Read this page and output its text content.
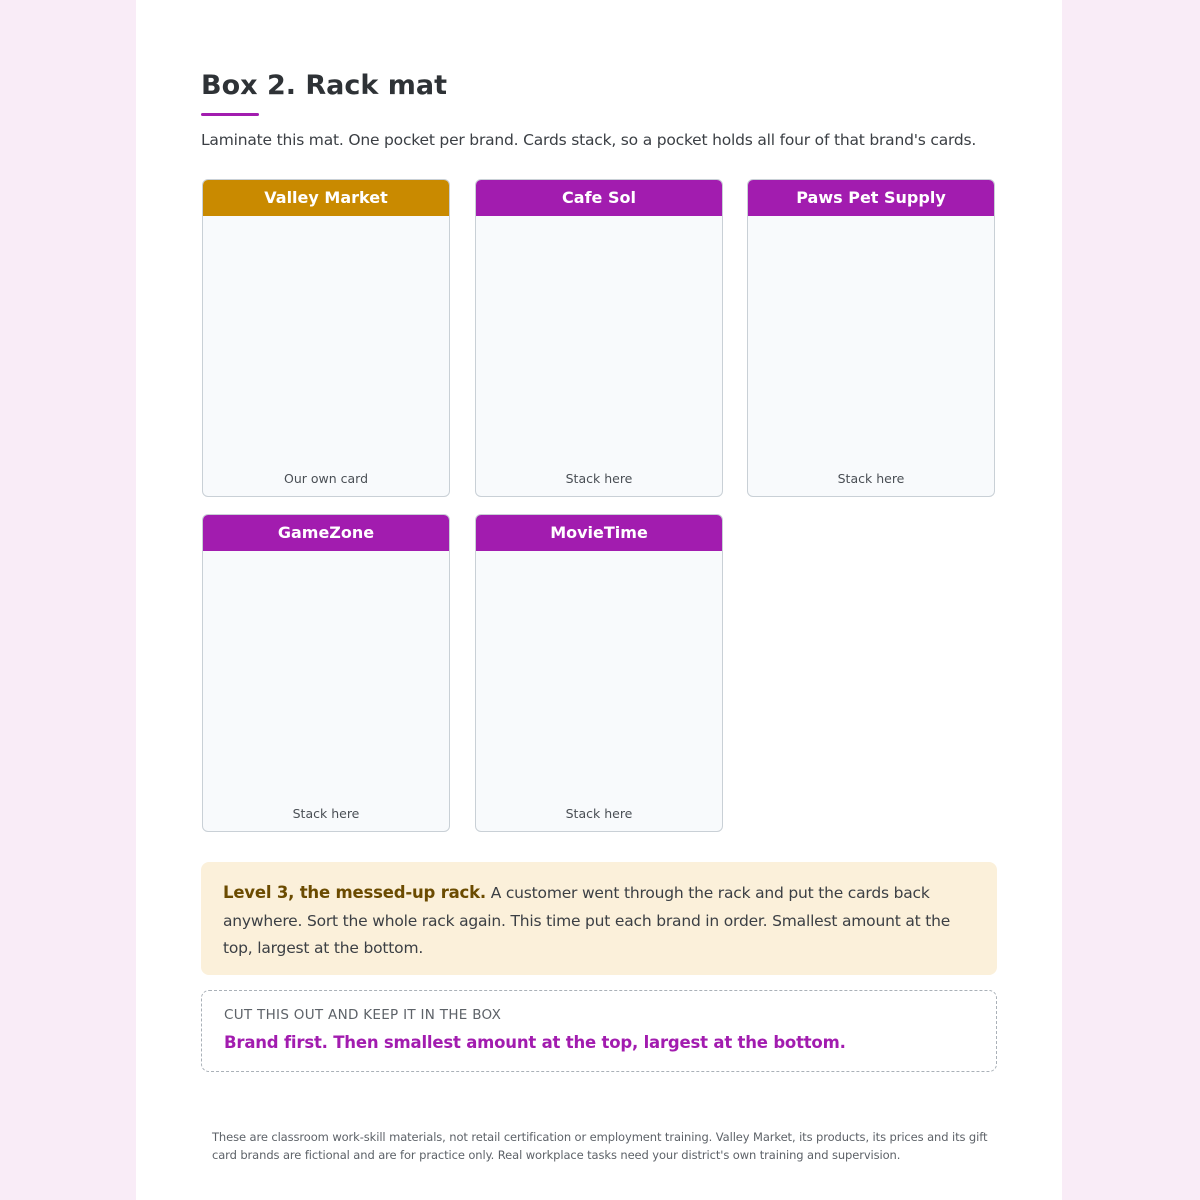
Box 2. Rack mat
Laminate this mat. One pocket per brand. Cards stack, so a pocket holds all four of that brand's cards.
Valley Market
Our own card
Cafe Sol
Stack here
Paws Pet Supply
Stack here
GameZone
Stack here
MovieTime
Stack here
Level 3, the messed-up rack. A customer went through the rack and put the cards back anywhere. Sort the whole rack again. This time put each brand in order. Smallest amount at the top, largest at the bottom.
CUT THIS OUT AND KEEP IT IN THE BOX
Brand first. Then smallest amount at the top, largest at the bottom.
These are classroom work-skill materials, not retail certification or employment training. Valley Market, its products, its prices and its gift card brands are fictional and are for practice only. Real workplace tasks need your district's own training and supervision.
